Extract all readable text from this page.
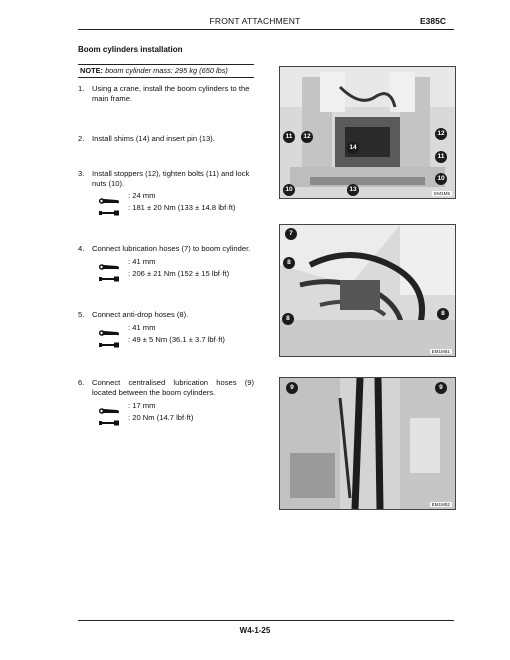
FRONT ATTACHMENT	E385C
Boom cylinders installation
NOTE: boom cylinder mass: 295 kg (650 lbs)
1. Using a crane, install the boom cylinders to the main frame.
2. Install shims (14) and insert pin (13).
3. Install stoppers (12), tighten bolts (11) and lock nuts (10).
: 24 mm
: 181 ± 20 Nm (133 ± 14.8 lbf·ft)
4. Connect lubrication hoses (7) to boom cylinder.
: 41 mm
: 206 ± 21 Nm (152 ± 15 lbf·ft)
5. Connect anti-drop hoses (8).
: 41 mm
: 49 ± 5 Nm (36.1 ± 3.7 lbf·ft)
6. Connect centralised lubrication hoses (9) located between the boom cylinders.
: 17 mm
: 20 Nm (14.7 lbf·ft)
11	12
14
12
11
10
10	13
EM1M5
7
8
8
8
EM1M51
9	9
EM1M52
W4-1-25
